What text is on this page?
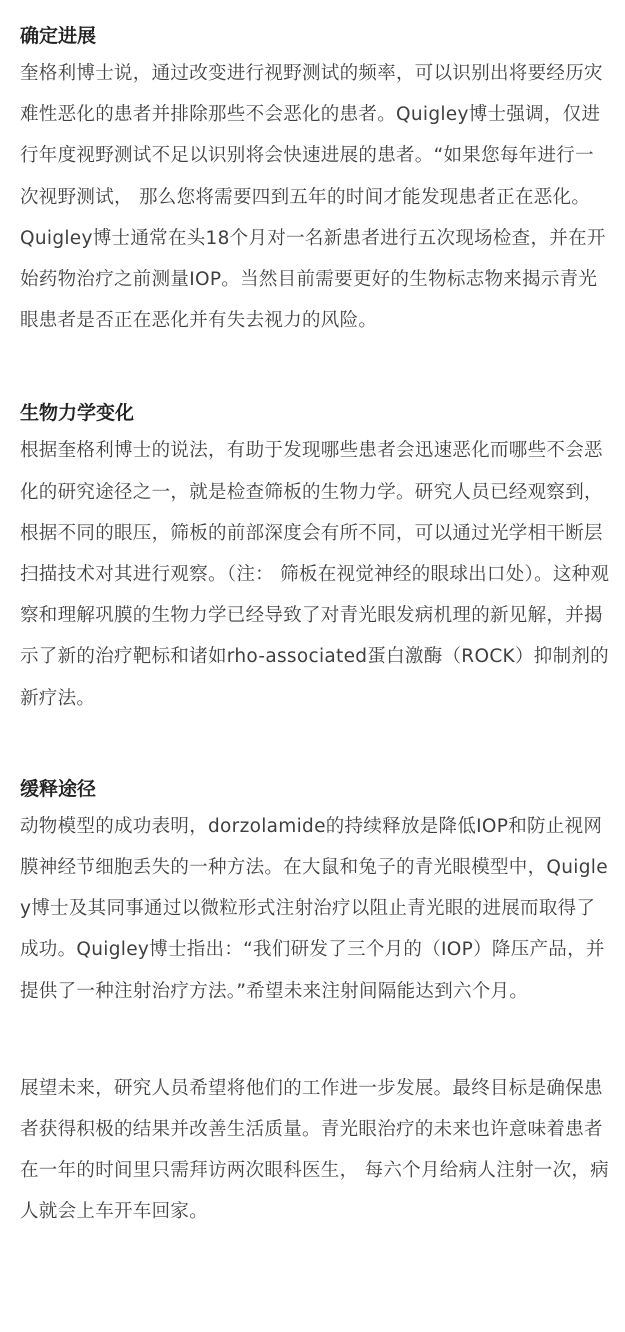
确定进展

奎格利博士说，通过改变进行视野测试的频率，可以识别出将要经历灾难性恶化的患者并排除那些不会恶化的患者。Quigley博士强调，仅进行年度视野测试不足以识别将会快速进展的患者。“如果您每年进行一次视野测试， 那么您将需要四到五年的时间才能发现患者正在恶化。 Quigley博士通常在头18个月对一名新患者进行五次现场检查，并在开始药物治疗之前测量IOP。当然目前需要更好的生物标志物来揭示青光眼患者是否正在恶化并有失去视力的风险。

生物力学变化

根据奎格利博士的说法，有助于发现哪些患者会迅速恶化而哪些不会恶化的研究途径之一，就是检查筛板的生物力学。研究人员已经观察到，根据不同的眼压，筛板的前部深度会有所不同，可以通过光学相干断层扫描技术对其进行观察。（注： 筛板在视觉神经的眼球出口处）。这种观察和理解巩膜的生物力学已经导致了对青光眼发病机理的新见解，并揭示了新的治疗靶标和诸如rho-associated蛋白激酶（ROCK）抑制剂的新疗法。

缓释途径

动物模型的成功表明，dorzolamide的持续释放是降低IOP和防止视网膜神经节细胞丢失的一种方法。在大鼠和兔子的青光眼模型中，Quigley博士及其同事通过以微粒形式注射治疗以阻止青光眼的进展而取得了成功。Quigley博士指出：“我们研发了三个月的（IOP）降压产品，并提供了一种注射治疗方法。”希望未来注射间隔能达到六个月。

展望未来，研究人员希望将他们的工作进一步发展。最终目标是确保患者获得积极的结果并改善生活质量。青光眼治疗的未来也许意味着患者在一年的时间里只需拜访两次眼科医生， 每六个月给病人注射一次，病人就会上车开车回家。
